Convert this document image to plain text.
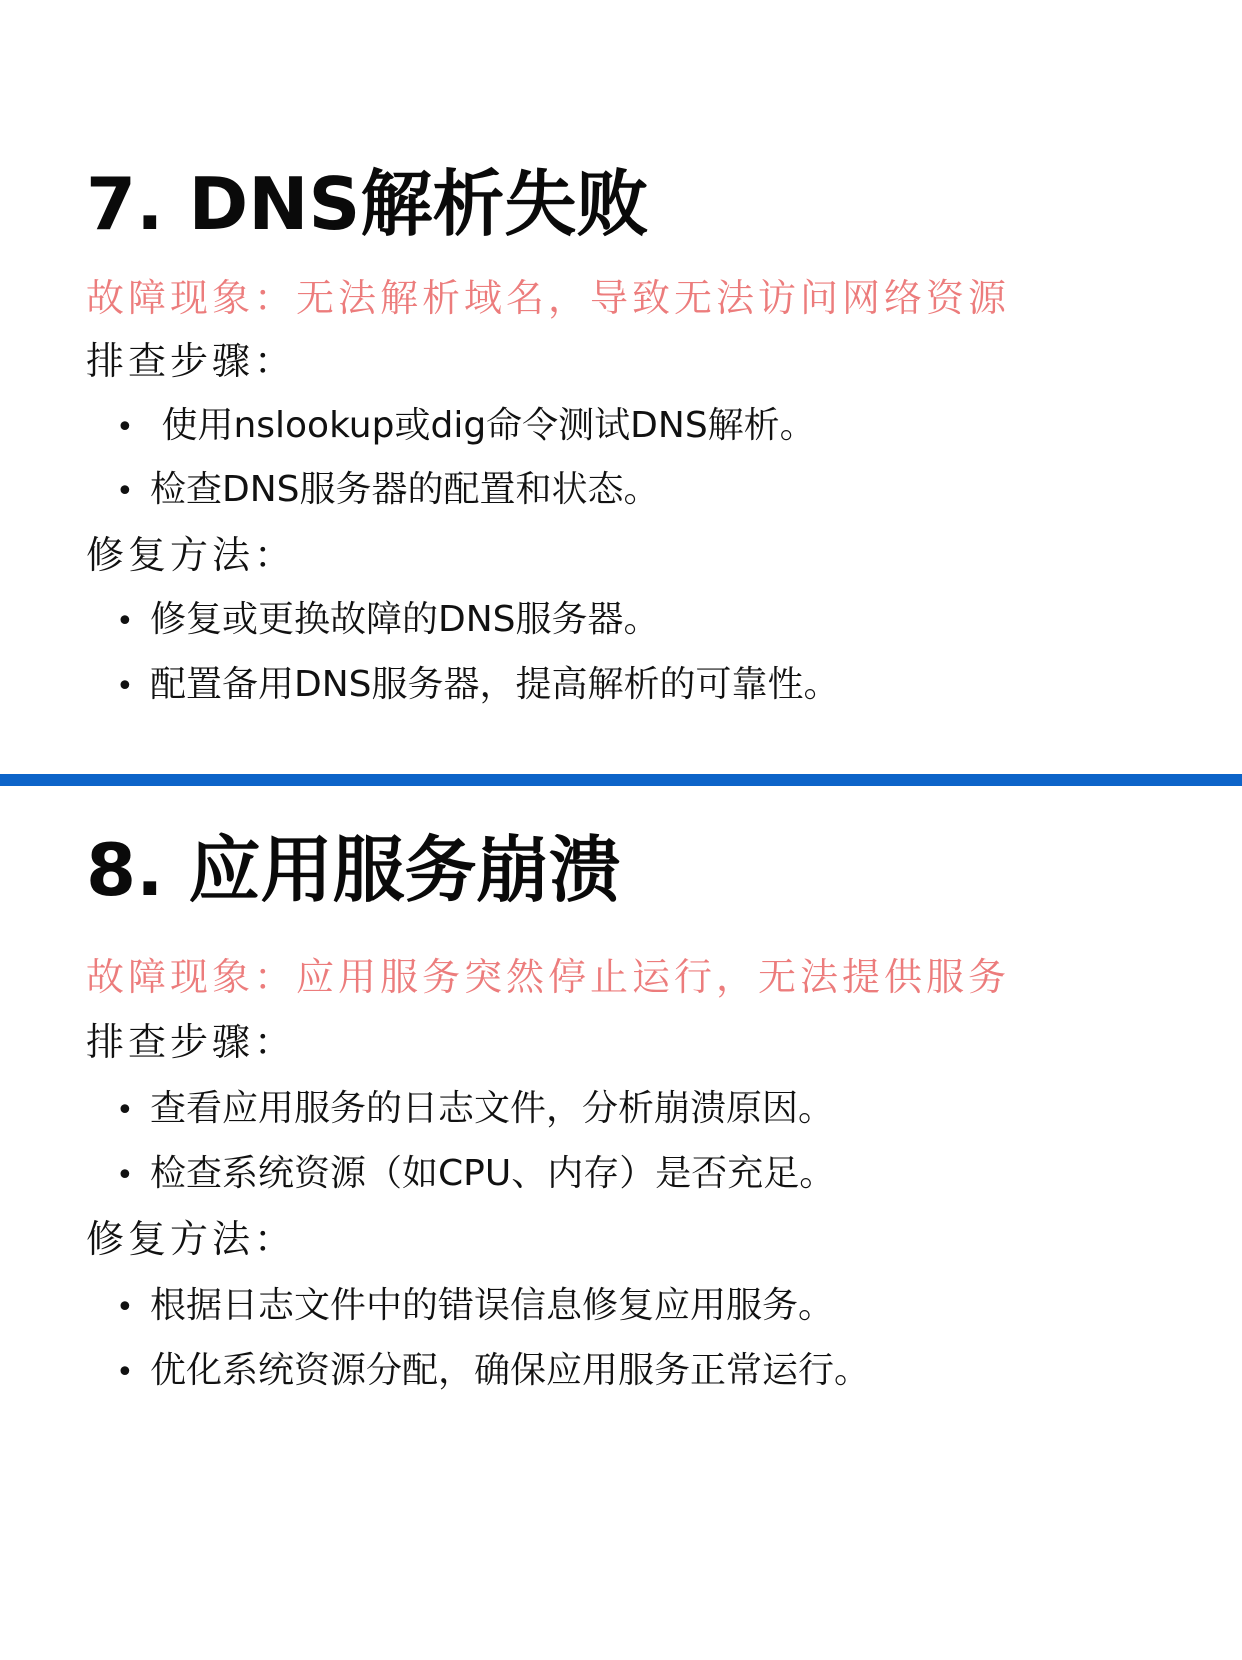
7. DNS解析失败
故障现象：无法解析域名，导致无法访问网络资源
排查步骤：
• 使用nslookup或dig命令测试DNS解析。
• 检查DNS服务器的配置和状态。
修复方法：
• 修复或更换故障的DNS服务器。
• 配置备用DNS服务器，提高解析的可靠性。
8. 应用服务崩溃
故障现象：应用服务突然停止运行，无法提供服务
排查步骤：
• 查看应用服务的日志文件，分析崩溃原因。
• 检查系统资源（如CPU、内存）是否充足。
修复方法：
• 根据日志文件中的错误信息修复应用服务。
• 优化系统资源分配，确保应用服务正常运行。
